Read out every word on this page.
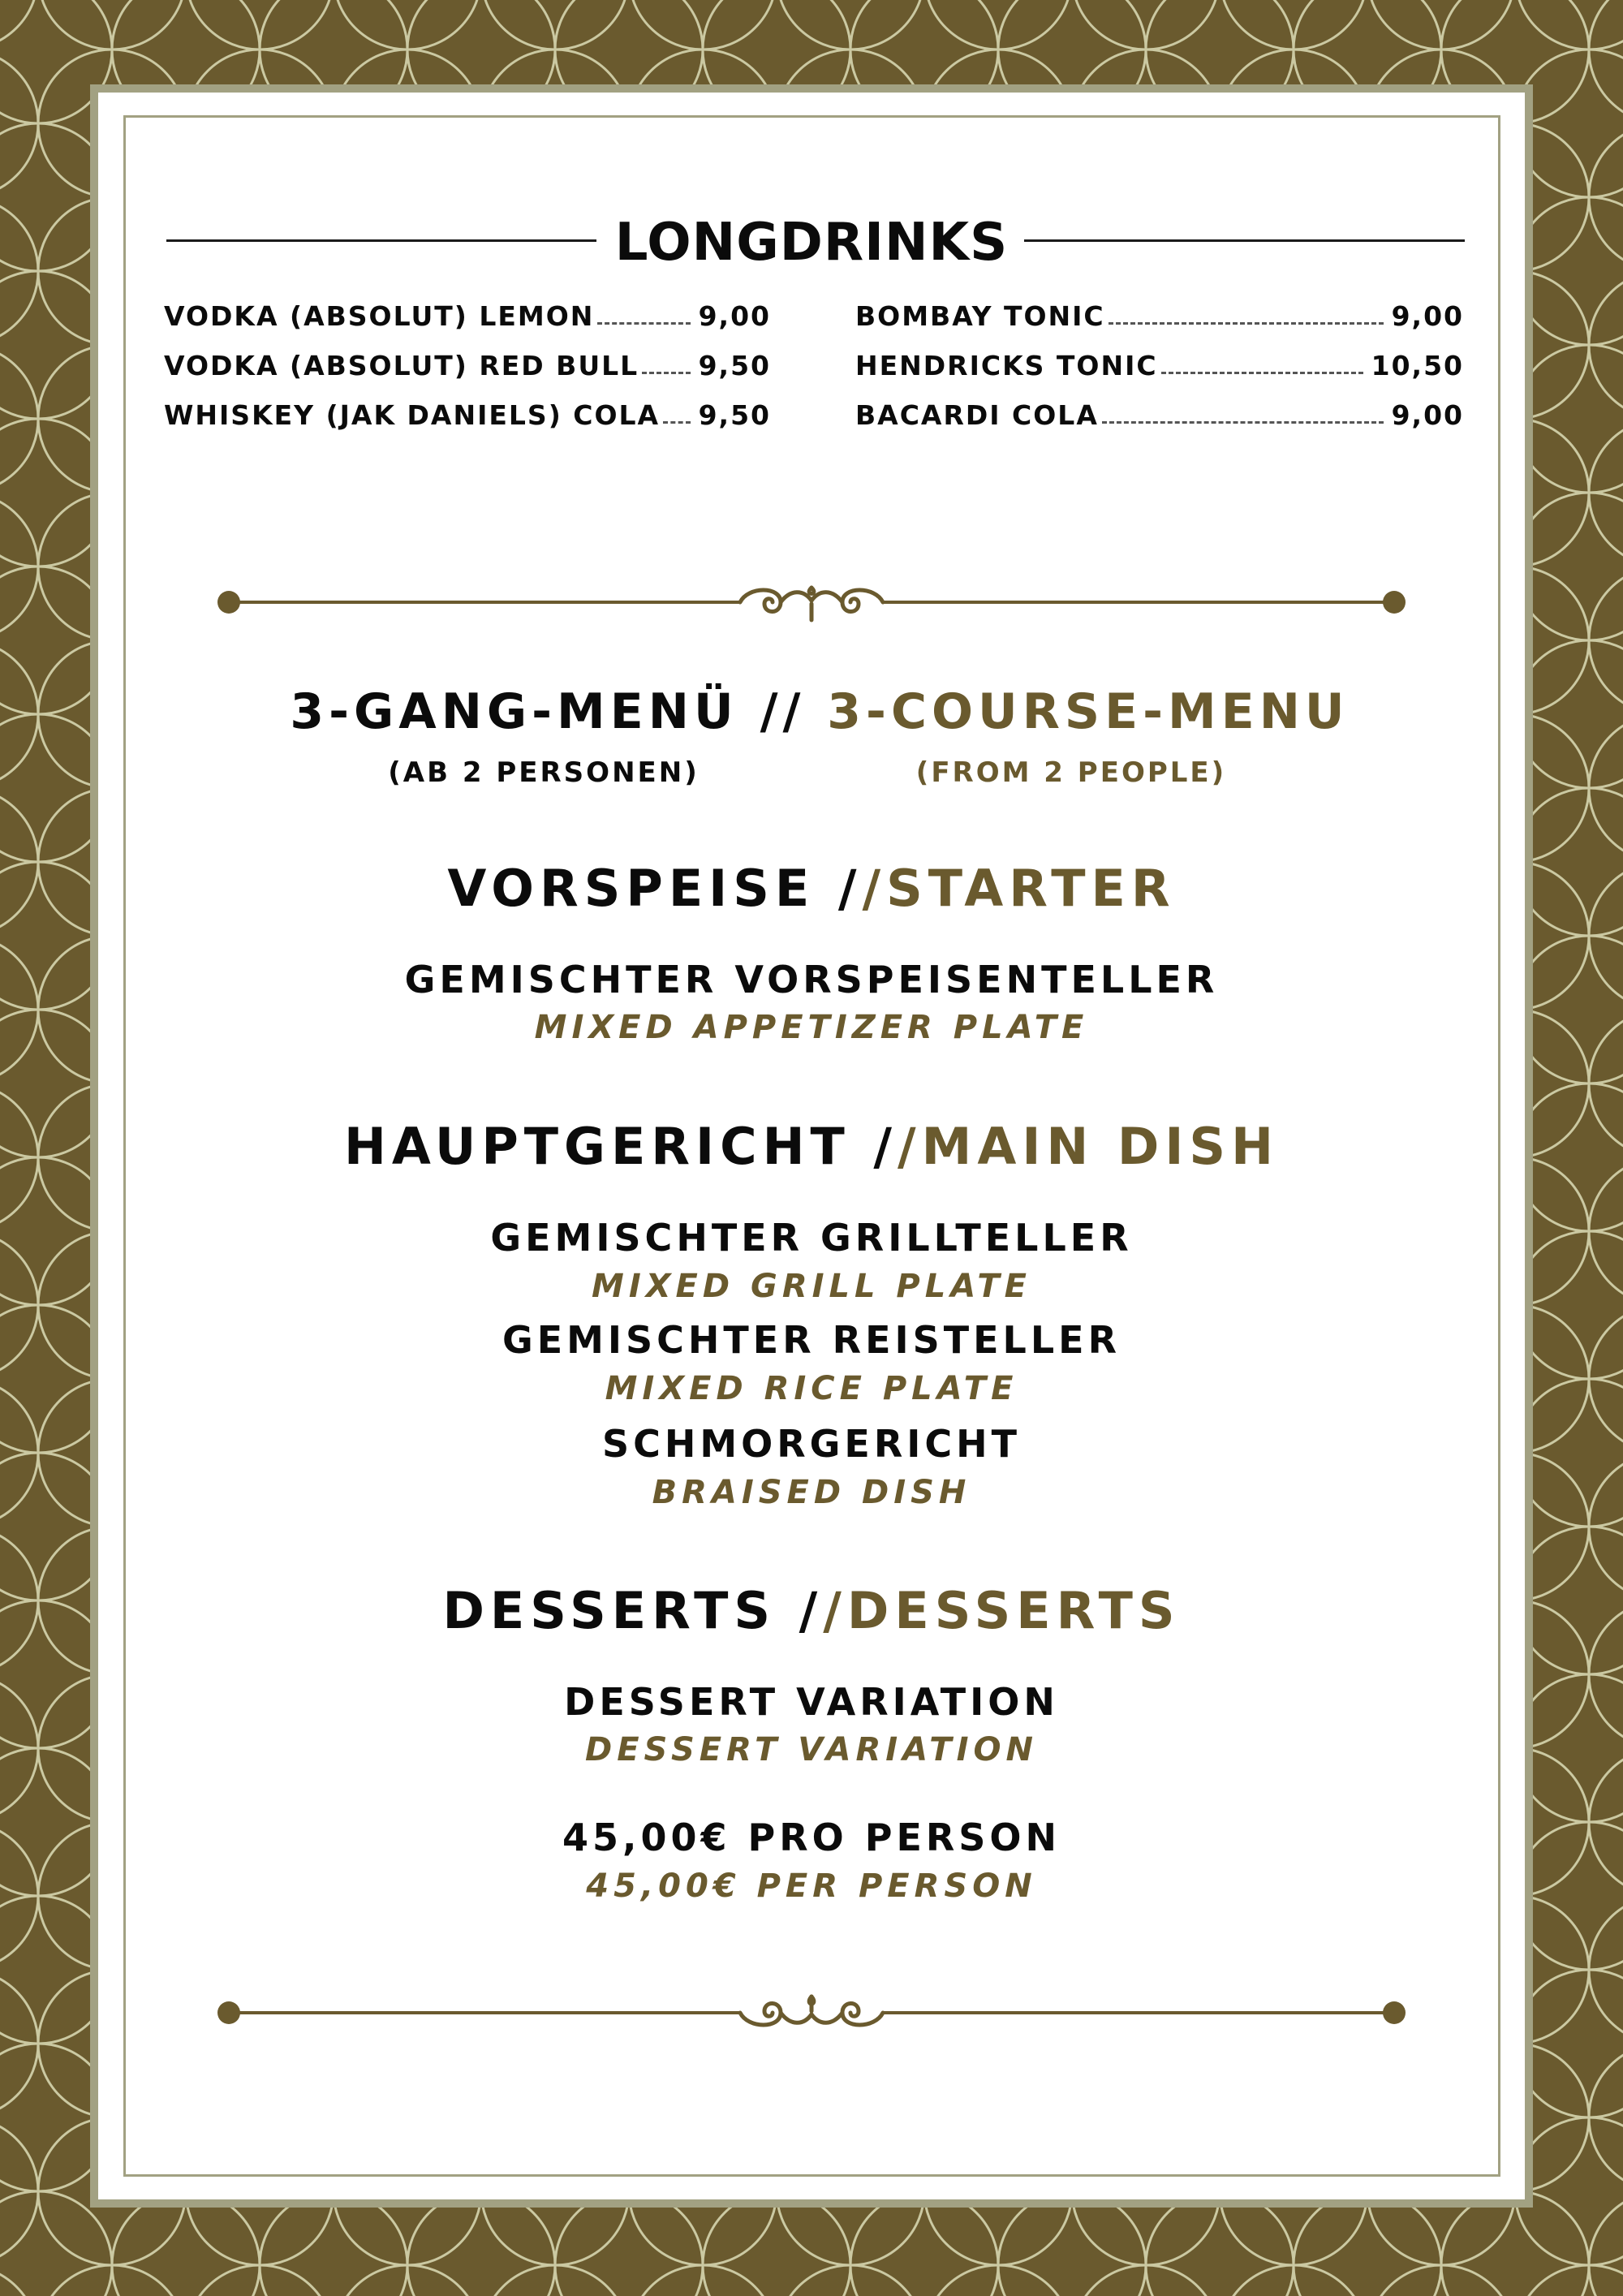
LONGDRINKS
VODKA (ABSOLUT) LEMON	9,00
VODKA (ABSOLUT) RED BULL 9,50
WHISKEY (JAK DANIELS) COLA 9,50
BOMBAY TONIC	9,00
HENDRICKS TONIC	10,50
BACARDI COLA	9,00
3-GANG-MENÜ // 3-COURSE-MENU
(AB 2 PERSONEN)	(FROM 2 PEOPLE)
VORSPEISE //STARTER
GEMISCHTER VORSPEISENTELLER
MIXED APPETIZER PLATE
HAUPTGERICHT //MAIN DISH
GEMISCHTER GRILLTELLER
MIXED GRILL PLATE
GEMISCHTER REISTELLER
MIXED RICE PLATE
SCHMORGERICHT
BRAISED DISH
DESSERTS //DESSERTS
DESSERT VARIATION
DESSERT VARIATION
45,00€ PRO PERSON
45,00€ PER PERSON
